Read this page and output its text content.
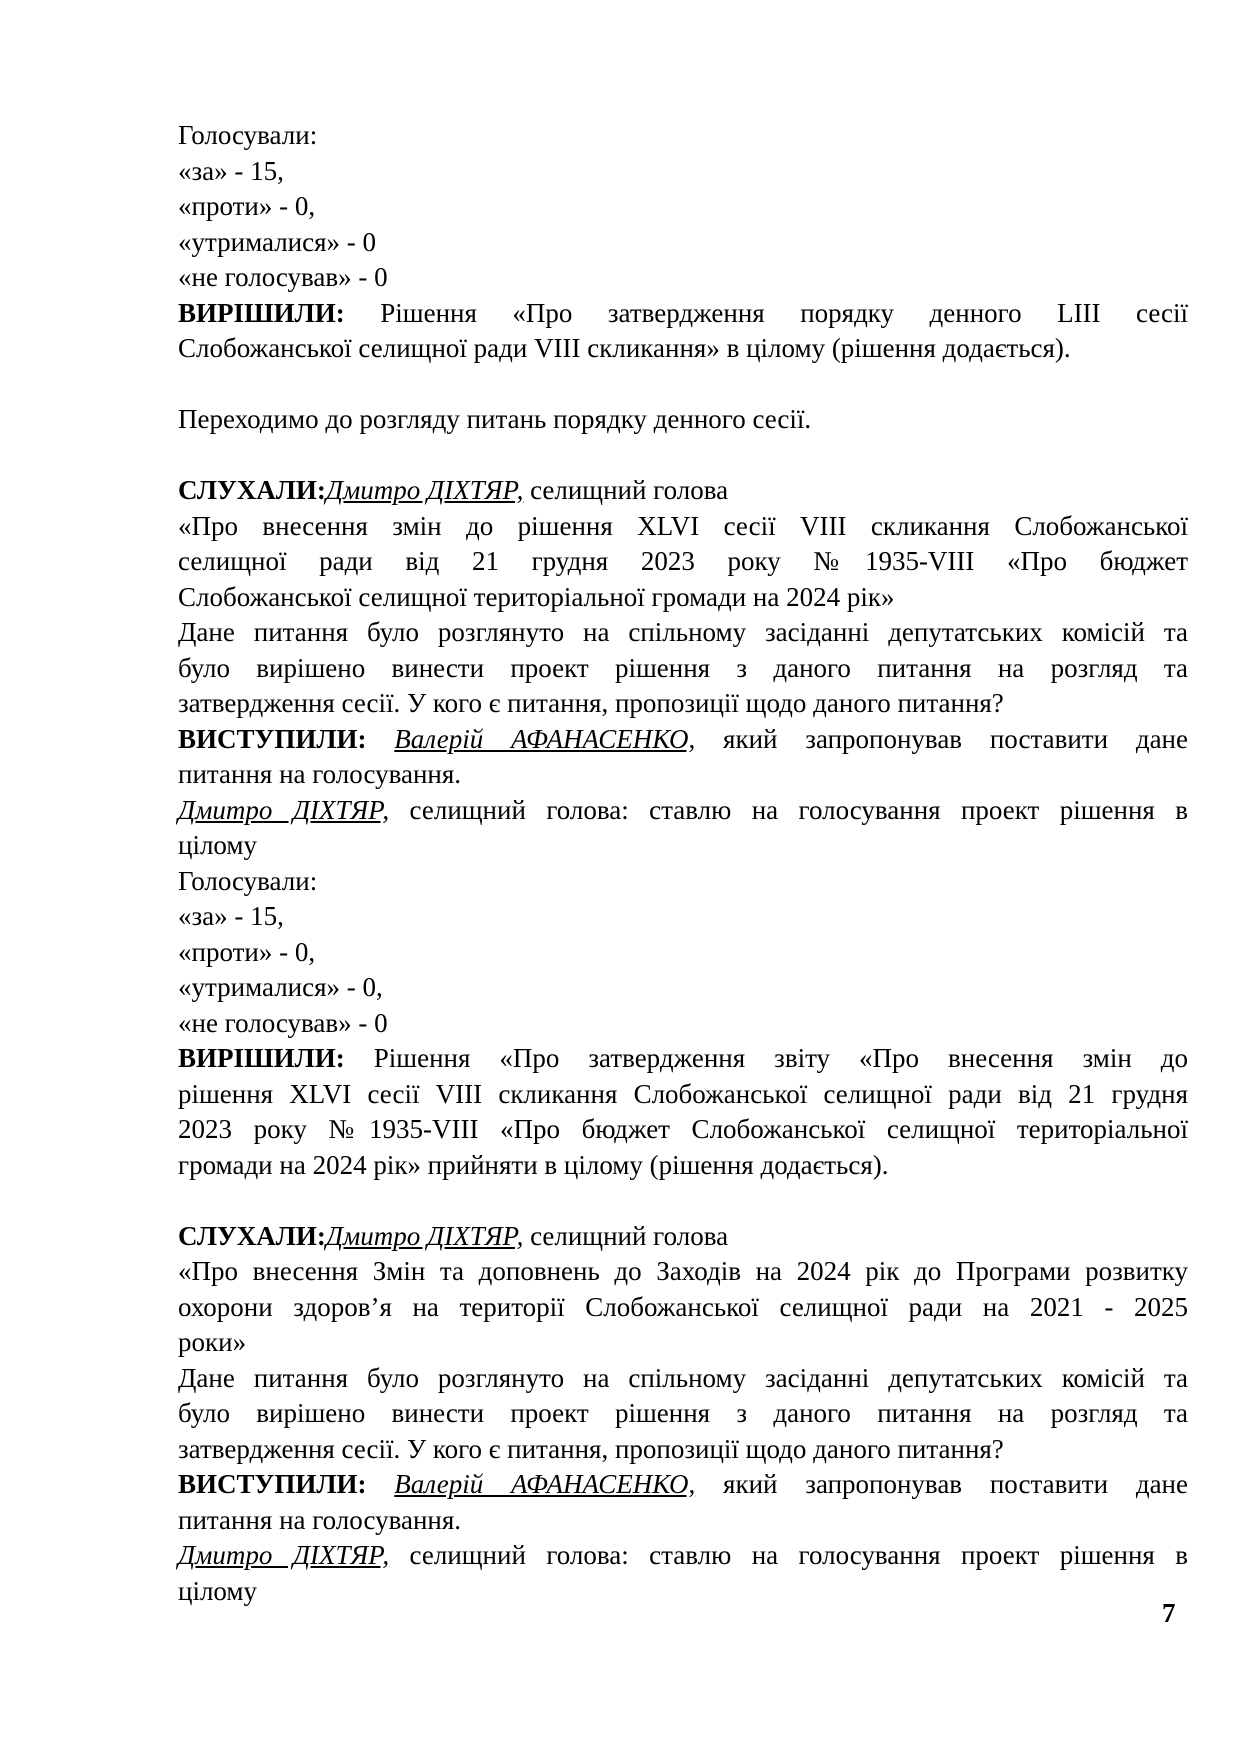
Голосували:
«за» - 15,
«проти» - 0,
«утрималися» - 0
«не голосував» - 0
ВИРІШИЛИ: Рішення «Про затвердження порядку денного LIII сесії
Слобожанської селищної ради VIII скликання» в цілому (рішення додається).
Переходимо до розгляду питань порядку денного сесії.
СЛУХАЛИ:Дмитро ДІХТЯР, селищний голова
«Про внесення змін до рішення XLVI сесії VIII скликання Слобожанської
селищної ради від 21 грудня 2023 року №1935-VIII «Про бюджет
Слобожанської селищної територіальної громади на 2024 рік»
Дане питання було розглянуто на спільному засіданні депутатських комісій та
було вирішено винести проект рішення з даного питання на розгляд та
затвердження сесії. У кого є питання, пропозиції щодо даного питання?
ВИСТУПИЛИ: Валерій АФАНАСЕНКО, який запропонував поставити дане
питання на голосування.
Дмитро ДІХТЯР, селищний голова: ставлю на голосування проект рішення в
цілому
Голосували:
«за» - 15,
«проти» - 0,
«утрималися» - 0,
«не голосував» - 0
ВИРІШИЛИ: Рішення «Про затвердження звіту «Про внесення змін до
рішення XLVI сесії VIII скликання Слобожанської селищної ради від 21 грудня
2023 року №1935-VIII «Про бюджет Слобожанської селищної територіальної
громади на 2024 рік» прийняти в цілому (рішення додається).
СЛУХАЛИ:Дмитро ДІХТЯР, селищний голова
«Про внесення Змін та доповнень до Заходів на 2024 рік до Програми розвитку
охорони здоров’я на території Слобожанської селищної ради на 2021 - 2025
роки»
Дане питання було розглянуто на спільному засіданні депутатських комісій та
було вирішено винести проект рішення з даного питання на розгляд та
затвердження сесії. У кого є питання, пропозиції щодо даного питання?
ВИСТУПИЛИ: Валерій АФАНАСЕНКО, який запропонував поставити дане
питання на голосування.
Дмитро ДІХТЯР, селищний голова: ставлю на голосування проект рішення в
цілому
7
